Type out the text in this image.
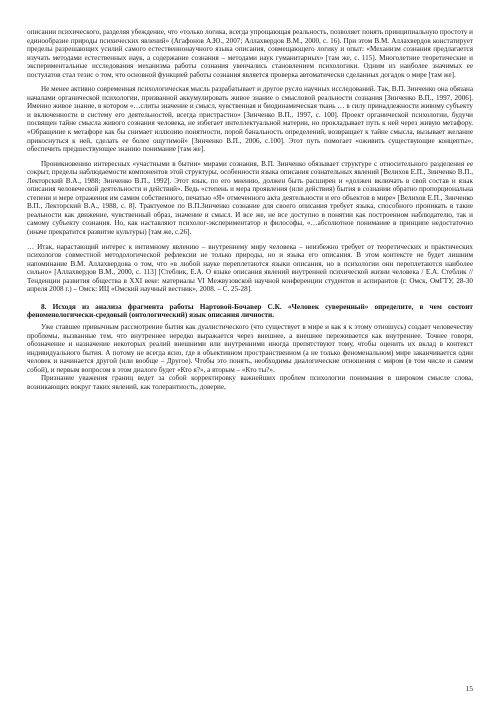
описании психического, разделяя убеждение, что «только логика, всегда упрощающая реальность, позволяет понять принципиальную простоту и единообразие природы психических явлений» (Агафонов А.Ю., 2007; Аллахвердов В.М., 2000, с. 16). При этом В.М. Аллахвердов констатирует пределы разрешающих усилий самого естественнонаучного языка описания, совмещающего логику и опыт: «Механизм сознания предлагается изучать методами естественных наук, а содержание сознания – методами наук гуманитарных» [там же, с. 115]. Многолетние теоретические и экспериментальные исследования механизма работы сознания увенчались становлением психологики. Одним из наиболее значимых ее постулатов стал тезис о том, что основной функцией работы сознания является проверка автоматически сделанных догадок о мире [там же].

Не менее активно современная психологическая мысль разрабатывает и другое русло научных исследований. Так, В.П. Зинченко она обязана началами органической психологии, призванной аккумулировать живое знание о смысловой реальности сознания [Зинченко В.П., 1997, 2006]. Именно живое знание, в котором «…слиты значение и смысл, чувственная и биодинамическая ткань … в силу принадлежности живому субъекту и включенности в систему его деятельностей, всегда пристрастно» [Зинченко В.П., 1997, с. 100]. Проект органической психологии, будучи посвящен тайне смысла живого сознания человека, не избегает интеллектуальной материи, но прокладывает путь к ней через живую метафору. «Обращение к метафоре как бы снимает иллюзию понятности, порой банальность определений, возвращает к тайне смысла, вызывает желание прикоснуться к ней, сделать ее более ощутимой» [Зинченко В.П., 2006, с.100]. Этот путь помогает «оживить существующие концепты», обеспечить предшествующее знанию понимание [там же].

Проникновению интересных «участными в бытии» мирами сознания, В.П. Зинченко обязывает структуре с относительного разделения ее сокрыт, пределы наблюдаемости компонентов этой структуры, особенности языка описания сознательных явлений [Велихов Е.П., Зинченко В.П., Лекторский В.А., 1988; Зинченко В.П., 1992]. Этот язык, по его мнению, должен быть расширен и «должен включать в свой состав и язык описания человеческой деятельности и действий». Ведь «степень и мера проявления (или действия) бытия в сознании обратно пропорциональна степени и мере отражения им самим собственного, печатью «Я» отмеченного акта деятельности и его объектов в мире» [Велихов Е.П., Зинченко В.П., Лекторский В.А., 1988, с. 8]. Трактуемое по В.П.Зинченко сознание для своего описания требует языка, способного проникать в такие реальности как движение, чувственный образ, значение и смысл. И все же, не все доступно в понятии как построенном наблюдателю, так и самому субъекту сознания. Но, как наставляют психолог-экспериментатор и философы, «…абсолютное понимание в принципе недостаточно (иначе прекратится развитие культуры) [там же, с.26].

… Итак, нарастающий интерес к интимному явлению – внутреннему миру человека – неизбежно требует от теоретических и практических психологов совместной методологической рефлексии не только природы, но и языка его описания. В этом контексте не будет лишним напоминание В.М. Аллахвердова о том, что «в любой науке переплетаются языки описания, но в психологии они переплетаются наиболее сильно» [Аллахвердов В.М., 2000, с. 113] [Стеблик, Е.А. О языке описания явлений внутренней психической жизни человека / Е.А. Стеблик // Тенденции развития общества в XXI веке: материалы VI Межвузовской научной конференции студентов и аспирантов (г. Омск, ОмГТУ, 28-30 апреля 2008 г.) – Омск: ИЦ «Омский научный вестник», 2008. – С. 25-28].

8. Исходя из анализа фрагмента работы Нартовой-Бочавер С.К. «Человек суверенный» определите, в чем состоит феноменологически-средовый (онтологический) язык описания личности.

Уже ставшее привычным рассмотрение бытия как дуалистического (что существует в мире и как я к этому отношусь) создает человечеству проблемы, вызванные тем, что внутреннее нередко выражается через внешнее, а внешнее переживается как внутреннее. Точнее говоря, обозначение и назначение некоторых реалий внешними или внутренними иногда препятствуют тому, чтобы оценить их вклад в контекст индивидуального бытия. А потому не всегда ясно, где в объективном пространственном (а не только феноменальном) мире заканчивается один человек и начинается другой (или вообще – Другое). Чтобы это понять, необходимы диалогические отношения с миром (в том числе и самим собой), и первым вопросом в этом диалоге будет «Кто я?», а вторым – «Кто ты?».

Признание уважения границ ведет за собой корректировку важнейших проблем психологии понимания в широком смысле слова, возникающих вокруг таких явлений, как толерантность, доверие,

15
